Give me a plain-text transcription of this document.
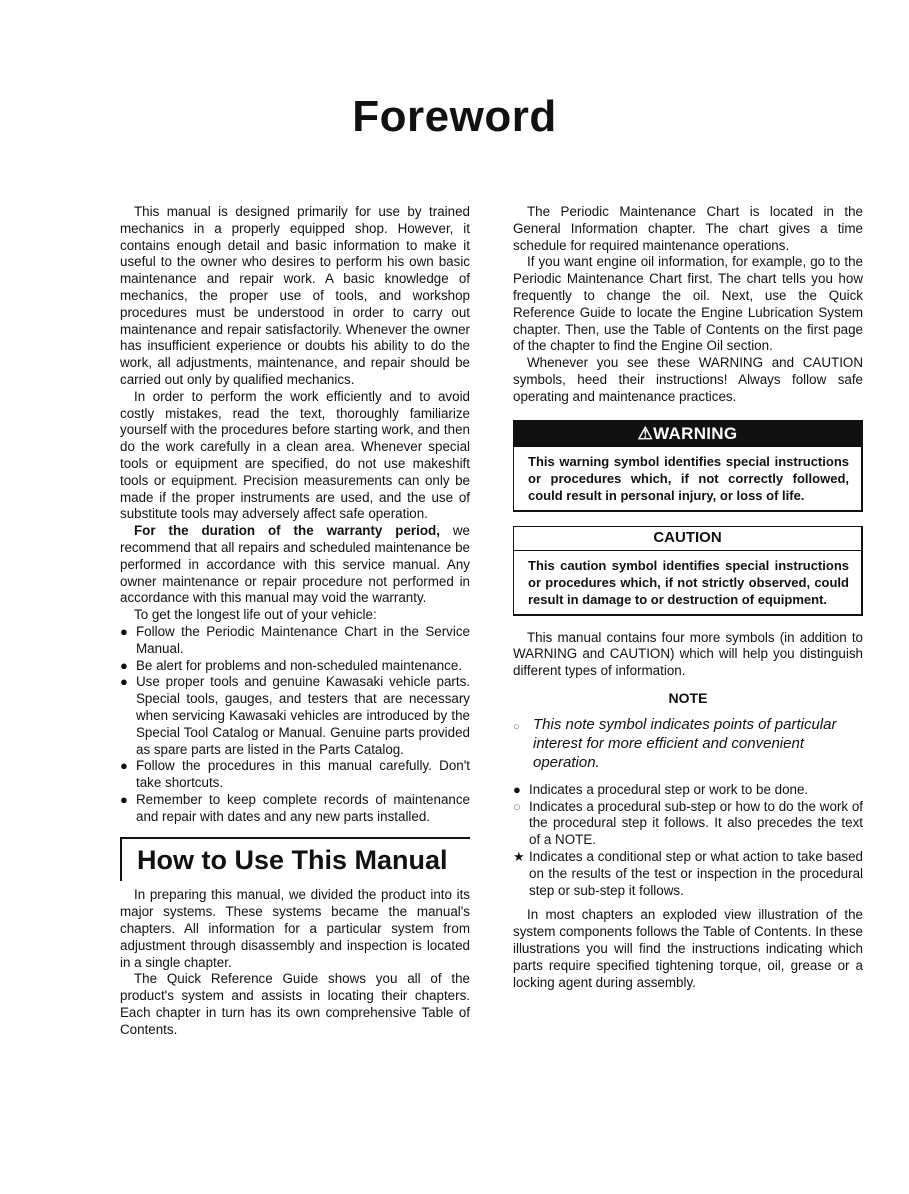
Foreword

This manual is designed primarily for use by trained mechanics in a properly equipped shop. However, it contains enough detail and basic information to make it useful to the owner who desires to perform his own basic maintenance and repair work. A basic knowledge of mechanics, the proper use of tools, and workshop procedures must be understood in order to carry out maintenance and repair satisfactorily. Whenever the owner has insufficient experience or doubts his ability to do the work, all adjustments, maintenance, and repair should be carried out only by qualified mechanics.

In order to perform the work efficiently and to avoid costly mistakes, read the text, thoroughly familiarize yourself with the procedures before starting work, and then do the work carefully in a clean area. Whenever special tools or equipment are specified, do not use makeshift tools or equipment. Precision measurements can only be made if the proper instruments are used, and the use of substitute tools may adversely affect safe operation.

For the duration of the warranty period, we recommend that all repairs and scheduled maintenance be performed in accordance with this service manual. Any owner maintenance or repair procedure not performed in accordance with this manual may void the warranty.

To get the longest life out of your vehicle:

● Follow the Periodic Maintenance Chart in the Service Manual.
● Be alert for problems and non-scheduled maintenance.
● Use proper tools and genuine Kawasaki vehicle parts. Special tools, gauges, and testers that are necessary when servicing Kawasaki vehicles are introduced by the Special Tool Catalog or Manual. Genuine parts provided as spare parts are listed in the Parts Catalog.
● Follow the procedures in this manual carefully. Don't take shortcuts.
● Remember to keep complete records of maintenance and repair with dates and any new parts installed.
How to Use This Manual

In preparing this manual, we divided the product into its major systems. These systems became the manual's chapters. All information for a particular system from adjustment through disassembly and inspection is located in a single chapter.

The Quick Reference Guide shows you all of the product's system and assists in locating their chapters. Each chapter in turn has its own comprehensive Table of Contents.

The Periodic Maintenance Chart is located in the General Information chapter. The chart gives a time schedule for required maintenance operations.

If you want engine oil information, for example, go to the Periodic Maintenance Chart first. The chart tells you how frequently to change the oil. Next, use the Quick Reference Guide to locate the Engine Lubrication System chapter. Then, use the Table of Contents on the first page of the chapter to find the Engine Oil section.

Whenever you see these WARNING and CAUTION symbols, heed their instructions! Always follow safe operating and maintenance practices.

⚠WARNING
This warning symbol identifies special instructions or procedures which, if not correctly followed, could result in personal injury, or loss of life.
CAUTION
This caution symbol identifies special instructions or procedures which, if not strictly observed, could result in damage to or destruction of equipment.

This manual contains four more symbols (in addition to WARNING and CAUTION) which will help you distinguish different types of information.

NOTE
○ This note symbol indicates points of particular interest for more efficient and convenient operation.
● Indicates a procedural step or work to be done.
○ Indicates a procedural sub-step or how to do the work of the procedural step it follows. It also precedes the text of a NOTE.
★ Indicates a conditional step or what action to take based on the results of the test or inspection in the procedural step or sub-step it follows.

In most chapters an exploded view illustration of the system components follows the Table of Contents. In these illustrations you will find the instructions indicating which parts require specified tightening torque, oil, grease or a locking agent during assembly.
